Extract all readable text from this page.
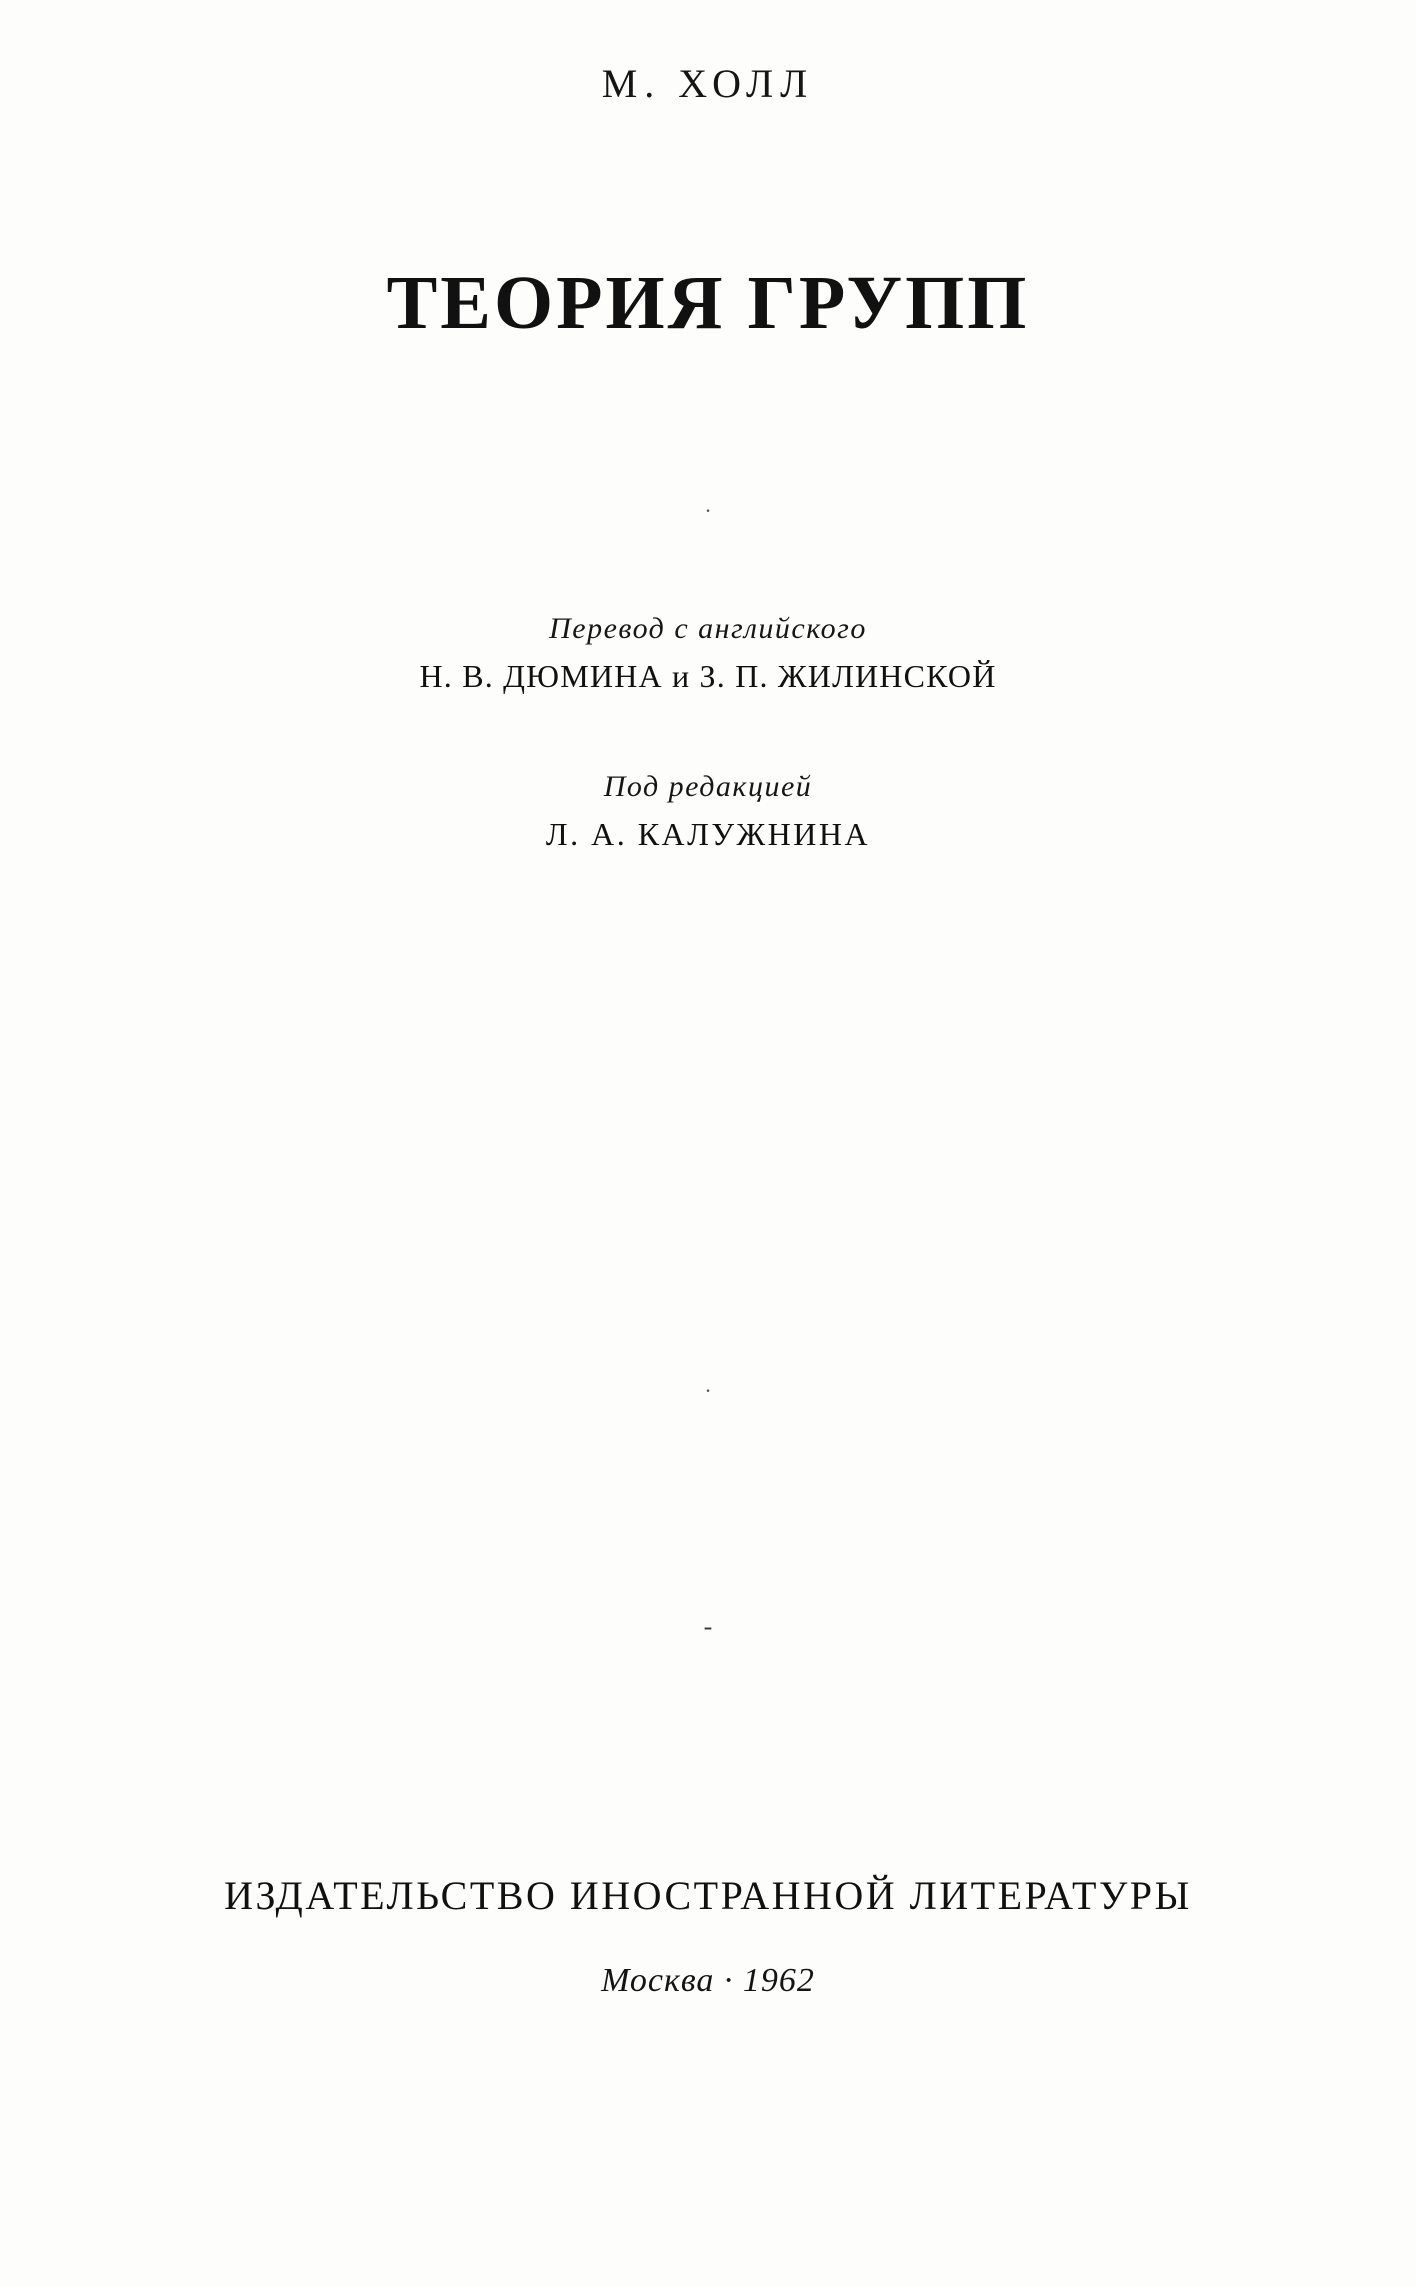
М. ХОЛЛ
ТЕОРИЯ ГРУПП
·
Перевод с английского
Н. В. ДЮМИНА и З. П. ЖИЛИНСКОЙ
Под редакцией
Л. А. КАЛУЖНИНА
·
-
ИЗДАТЕЛЬСТВО ИНОСТРАННОЙ ЛИТЕРАТУРЫ
Москва · 1962
